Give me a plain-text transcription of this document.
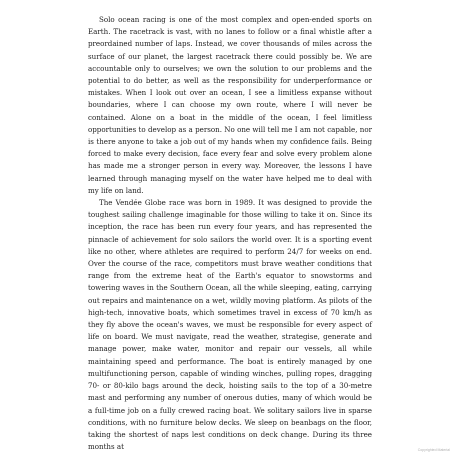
Solo ocean racing is one of the most complex and open-ended sports on Earth. The racetrack is vast, with no lanes to follow or a final whistle after a preordained number of laps. Instead, we cover thousands of miles across the surface of our planet, the largest racetrack there could possibly be. We are accountable only to ourselves; we own the solution to our problems and the potential to do better, as well as the responsibility for underperformance or mistakes. When I look out over an ocean, I see a limitless expanse without boundaries, where I can choose my own route, where I will never be contained. Alone on a boat in the middle of the ocean, I feel limitless opportunities to develop as a person. No one will tell me I am not capable, nor is there anyone to take a job out of my hands when my confidence fails. Being forced to make every decision, face every fear and solve every problem alone has made me a stronger person in every way. Moreover, the lessons I have learned through managing myself on the water have helped me to deal with my life on land.

The Vendée Globe race was born in 1989. It was designed to provide the toughest sailing challenge imaginable for those willing to take it on. Since its inception, the race has been run every four years, and has represented the pinnacle of achievement for solo sailors the world over. It is a sporting event like no other, where athletes are required to perform 24/7 for weeks on end. Over the course of the race, competitors must brave weather conditions that range from the extreme heat of the Earth's equator to snowstorms and towering waves in the Southern Ocean, all the while sleeping, eating, carrying out repairs and maintenance on a wet, wildly moving platform. As pilots of the high-tech, innovative boats, which sometimes travel in excess of 70 km/h as they fly above the ocean's waves, we must be responsible for every aspect of life on board. We must navigate, read the weather, strategise, generate and manage power, make water, monitor and repair our vessels, all while maintaining speed and performance. The boat is entirely managed by one multifunctioning person, capable of winding winches, pulling ropes, dragging 70- or 80-kilo bags around the deck, hoisting sails to the top of a 30-metre mast and performing any number of onerous duties, many of which would be a full-time job on a fully crewed racing boat. We solitary sailors live in sparse conditions, with no furniture below decks. We sleep on beanbags on the floor, taking the shortest of naps lest conditions on deck change. During its three months at	Copyrighted Material
